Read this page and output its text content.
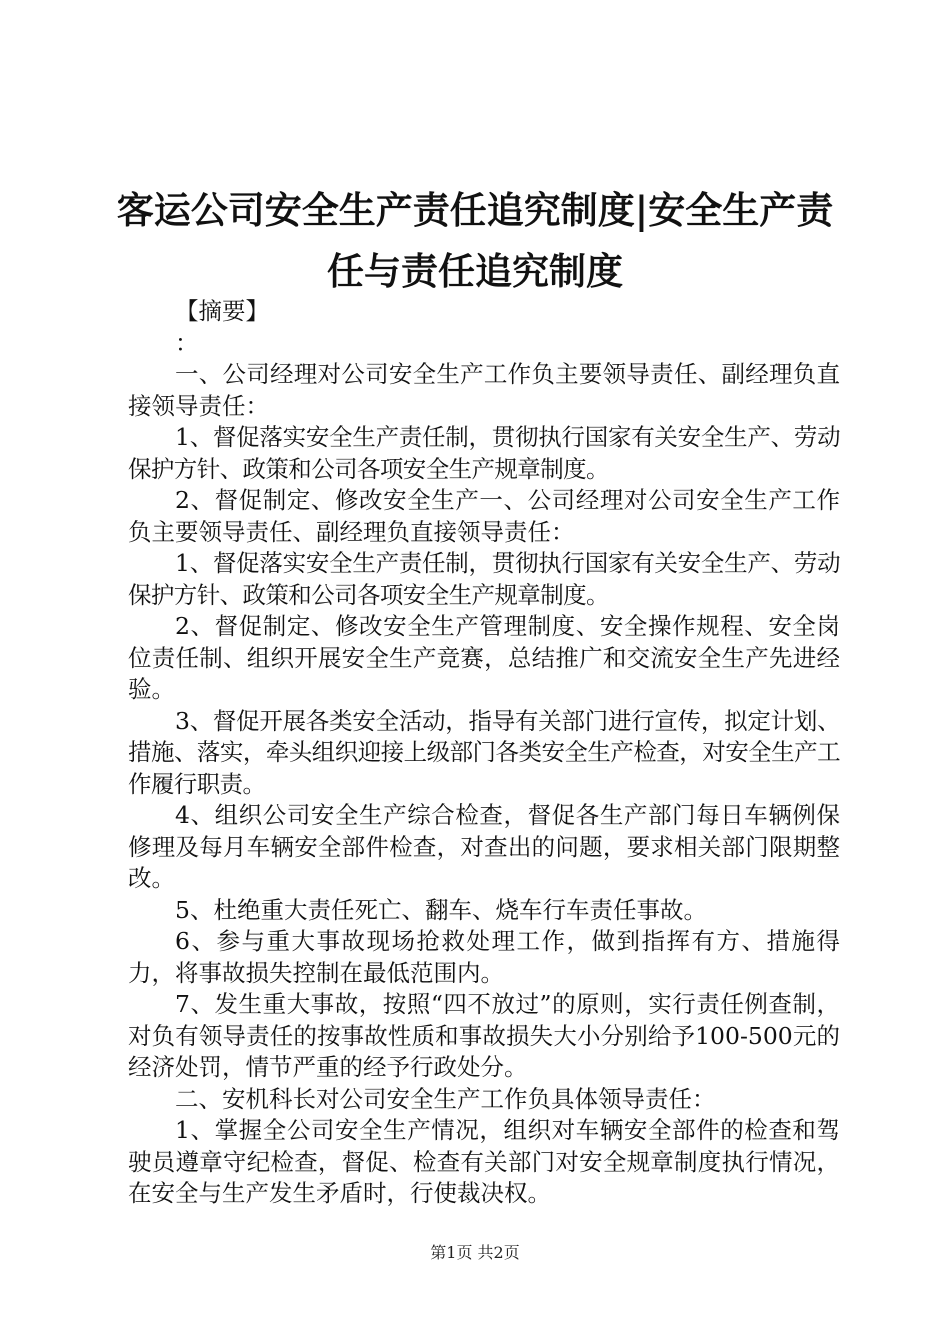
客运公司安全生产责任追究制度|安全生产责
任与责任追究制度

【摘要】

：

一、公司经理对公司安全生产工作负主要领导责任、副经理负直接领导责任：

1、督促落实安全生产责任制，贯彻执行国家有关安全生产、劳动保护方针、政策和公司各项安全生产规章制度。

2、督促制定、修改安全生产一、公司经理对公司安全生产工作负主要领导责任、副经理负直接领导责任：

1、督促落实安全生产责任制，贯彻执行国家有关安全生产、劳动保护方针、政策和公司各项安全生产规章制度。

2、督促制定、修改安全生产管理制度、安全操作规程、安全岗位责任制、组织开展安全生产竞赛，总结推广和交流安全生产先进经验。

3、督促开展各类安全活动，指导有关部门进行宣传，拟定计划、措施、落实，牵头组织迎接上级部门各类安全生产检查，对安全生产工作履行职责。

4、组织公司安全生产综合检查，督促各生产部门每日车辆例保修理及每月车辆安全部件检查，对查出的问题，要求相关部门限期整改。

5、杜绝重大责任死亡、翻车、烧车行车责任事故。

6、参与重大事故现场抢救处理工作，做到指挥有方、措施得力，将事故损失控制在最低范围内。

7、发生重大事故，按照“四不放过”的原则，实行责任例查制，对负有领导责任的按事故性质和事故损失大小分别给予100-500元的经济处罚，情节严重的经予行政处分。

二、安机科长对公司安全生产工作负具体领导责任：

1、掌握全公司安全生产情况，组织对车辆安全部件的检查和驾驶员遵章守纪检查，督促、检查有关部门对安全规章制度执行情况，在安全与生产发生矛盾时，行使裁决权。

第1页 共2页
